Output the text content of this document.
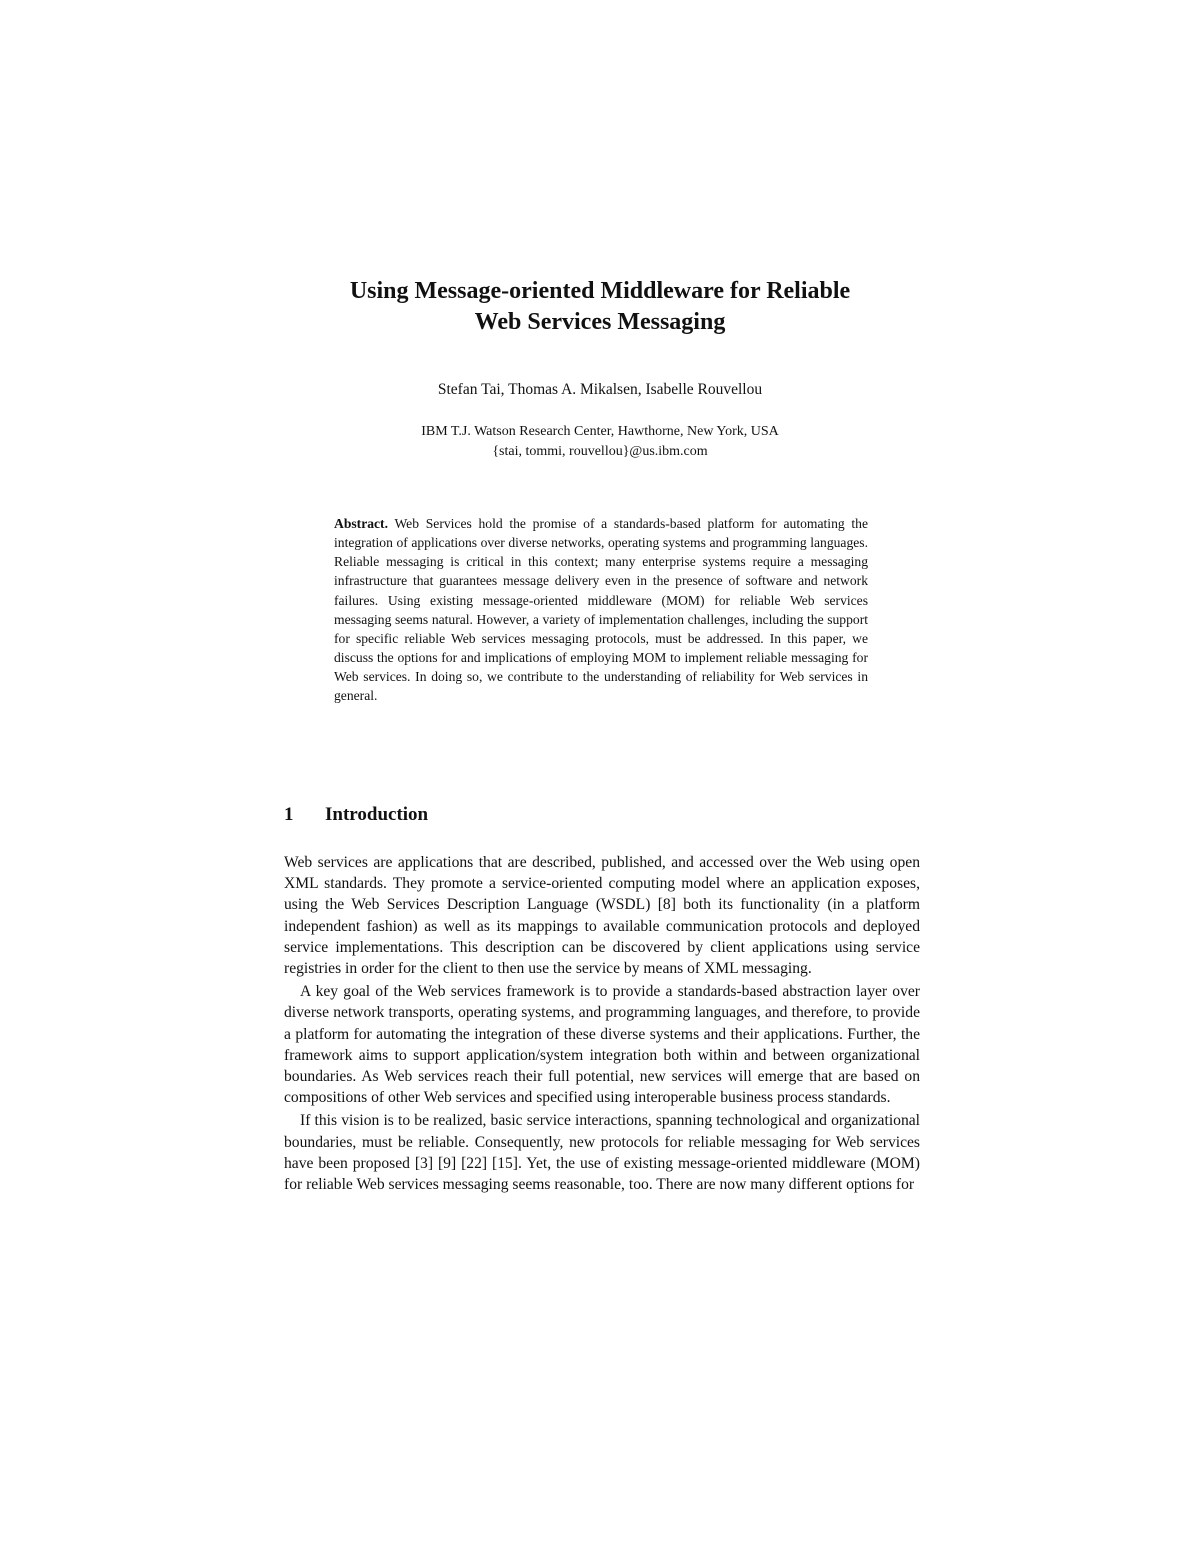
Using Message-oriented Middleware for Reliable
Web Services Messaging

Stefan Tai, Thomas A. Mikalsen, Isabelle Rouvellou

IBM T.J. Watson Research Center, Hawthorne, New York, USA
{stai, tommi, rouvellou}@us.ibm.com

Abstract. Web Services hold the promise of a standards-based platform for automating the integration of applications over diverse networks, operating systems and programming languages. Reliable messaging is critical in this context; many enterprise systems require a messaging infrastructure that guarantees message delivery even in the presence of software and network failures. Using existing message-oriented middleware (MOM) for reliable Web services messaging seems natural. However, a variety of implementation challenges, including the support for specific reliable Web services messaging protocols, must be addressed. In this paper, we discuss the options for and implications of employing MOM to implement reliable messaging for Web services. In doing so, we contribute to the understanding of reliability for Web services in general.

1 Introduction

Web services are applications that are described, published, and accessed over the Web using open XML standards. They promote a service-oriented computing model where an application exposes, using the Web Services Description Language (WSDL) [8] both its functionality (in a platform independent fashion) as well as its mappings to available communication protocols and deployed service implementations. This description can be discovered by client applications using service registries in order for the client to then use the service by means of XML messaging.

A key goal of the Web services framework is to provide a standards-based abstraction layer over diverse network transports, operating systems, and programming languages, and therefore, to provide a platform for automating the integration of these diverse systems and their applications. Further, the framework aims to support application/system integration both within and between organizational boundaries. As Web services reach their full potential, new services will emerge that are based on compositions of other Web services and specified using interoperable business process standards.

If this vision is to be realized, basic service interactions, spanning technological and organizational boundaries, must be reliable. Consequently, new protocols for reliable messaging for Web services have been proposed [3] [9] [22] [15]. Yet, the use of existing message-oriented middleware (MOM) for reliable Web services messaging seems reasonable, too. There are now many different options for
